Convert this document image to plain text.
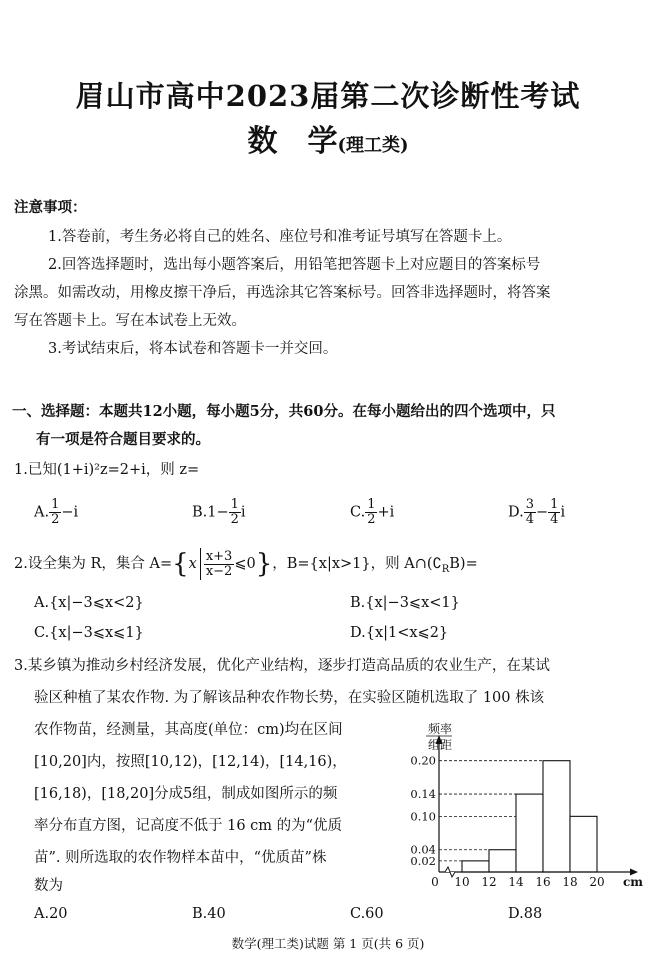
眉山市高中2023届第二次诊断性考试
数　学(理工类)
注意事项：
1.答卷前，考生务必将自己的姓名、座位号和准考证号填写在答题卡上。
2.回答选择题时，选出每小题答案后，用铅笔把答题卡上对应题目的答案标号
涂黑。如需改动，用橡皮擦干净后，再选涂其它答案标号。回答非选择题时，将答案
写在答题卡上。写在本试卷上无效。
3.考试结束后，将本试卷和答题卡一并交回。
一、选择题：本题共12小题，每小题5分，共60分。在每小题给出的四个选项中，只
有一项是符合题目要求的。
1.已知(1+i)²z=2+i，则 z=
A. $\frac{1}{2} -i$	$B.1- \frac{1}{2}$ i	C. $\frac{1}{2} +i$	D. $\frac{3}{4} - \frac{1}{4}$ i
2.设全集为 R，集合 $A=\{x \frac{x+3}{x-2}$ ⩽0}，B={x|x>1}，则 $A\cap(∁_RB)=$
A.{x|−3⩽x<2}	B.{x|−3⩽x<1}
C.{x|−3⩽x⩽1}	D.{x|1<x⩽2}
3.某乡镇为推动乡村经济发展，优化产业结构，逐步打造高品质的农业生产，在某试
验区种植了某农作物. 为了解该品种农作物长势，在实验区随机选取了 100 株该
农作物苗，经测量，其高度(单位：cm)均在区间
[10,20]内，按照[10,12)，[12,14)，[14,16)，
[16,18)，[18,20]分成5组，制成如图所示的频
率分布直方图，记高度不低于 16 cm 的为“优质
苗”. 则所选取的农作物样本苗中，“优质苗”株
数为
频率
组距
0	cm
0.20
0.14
0.10
0.04
0.02
10 12 14 16 18 20
A.20	B.40	C.60	D.88
数学(理工类)试题 第 1 页(共 6 页)
